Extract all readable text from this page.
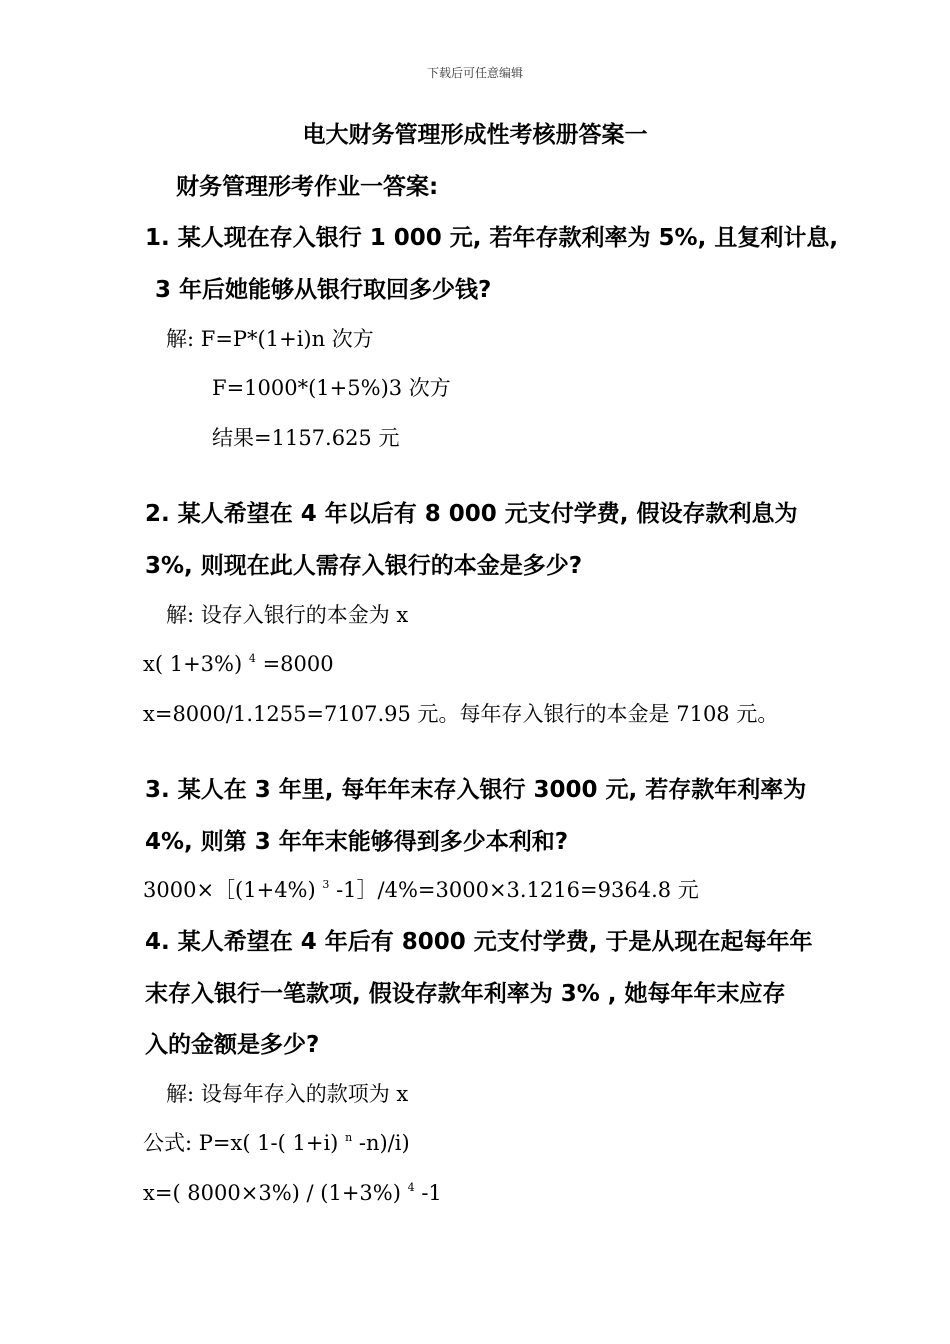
下载后可任意编辑
电大财务管理形成性考核册答案一
财务管理形考作业一答案:
1. 某人现在存入银行 1 000 元, 若年存款利率为 5%, 且复利计息,
3 年后她能够从银行取回多少钱?
解: F=P*(1+i)n 次方
F=1000*(1+5%)3 次方
结果=1157.625 元
2. 某人希望在 4 年以后有 8 000 元支付学费, 假设存款利息为
3%, 则现在此人需存入银行的本金是多少?
解: 设存入银行的本金为 x
x( 1+3%) $^4$ =8000
x=8000/1.1255=7107.95 元。每年存入银行的本金是 7108 元。
3. 某人在 3 年里, 每年年末存入银行 3000 元, 若存款年利率为
4%, 则第 3 年年末能够得到多少本利和?
3000×［(1+4%) $^3$ -1］/4%=3000×3.1216=9364.8 元
4. 某人希望在 4 年后有 8000 元支付学费, 于是从现在起每年年
末存入银行一笔款项, 假设存款年利率为 3% , 她每年年末应存
入的金额是多少?
解: 设每年存入的款项为 x
公式: P=x( 1-( 1+i) $^n$ -n)/i)
x=( 8000×3%) / (1+3%) $^4$ -1
